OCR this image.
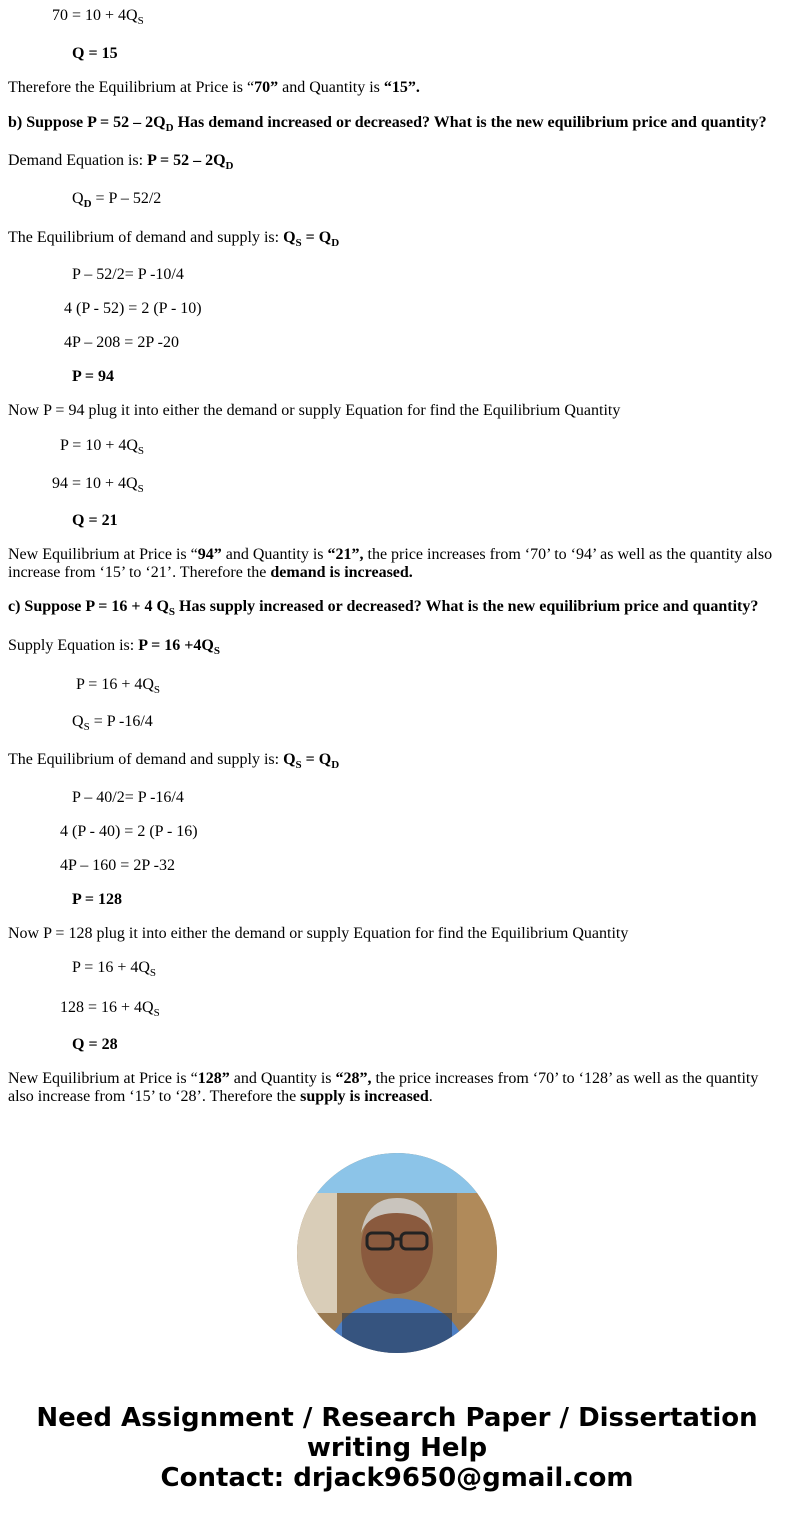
$70 = 10 + 4Q_S$
Q = 15
Therefore the Equilibrium at Price is “70” and Quantity is “15”.
b) Suppose $P = 52 - 2Q_D$ Has demand increased or decreased? What is the new equilibrium price and quantity?
Demand Equation is: $P = 52 - 2Q_D$
$Q_D = P - 52/2$
The Equilibrium of demand and supply is: $Q_S = Q_D$
P – 52/2= P -10/4
4 (P - 52) = 2 (P - 10)
4P – 208 = 2P -20
P = 94
Now P = 94 plug it into either the demand or supply Equation for find the Equilibrium Quantity
$P = 10 + 4Q_S$
$94 = 10 + 4Q_S$
Q = 21
New Equilibrium at Price is “94” and Quantity is “21”, the price increases from ‘70’ to ‘94’ as well as the quantity also increase from ‘15’ to ‘21’. Therefore the demand is increased.
c) Suppose P = 16 + 4 $Q_S$ Has supply increased or decreased? What is the new equilibrium price and quantity?
Supply Equation is: $P = 16 +4Q_S$
$P = 16 + 4Q_S$
$Q_S = P$ -16/4
The Equilibrium of demand and supply is: $Q_S = Q_D$
P – 40/2= P -16/4
4 (P - 40) = 2 (P - 16)
4P – 160 = 2P -32
P = 128
Now P = 128 plug it into either the demand or supply Equation for find the Equilibrium Quantity
$P = 16 + 4Q_S$
$128 = 16 + 4Q_S$
Q = 28
New Equilibrium at Price is “128” and Quantity is “28”, the price increases from ‘70’ to ‘128’ as well as the quantity also increase from ‘15’ to ‘28’. Therefore the supply is increased.
Need Assignment / Research Paper / Dissertation writing Help
Contact: drjack9650@gmail.com
